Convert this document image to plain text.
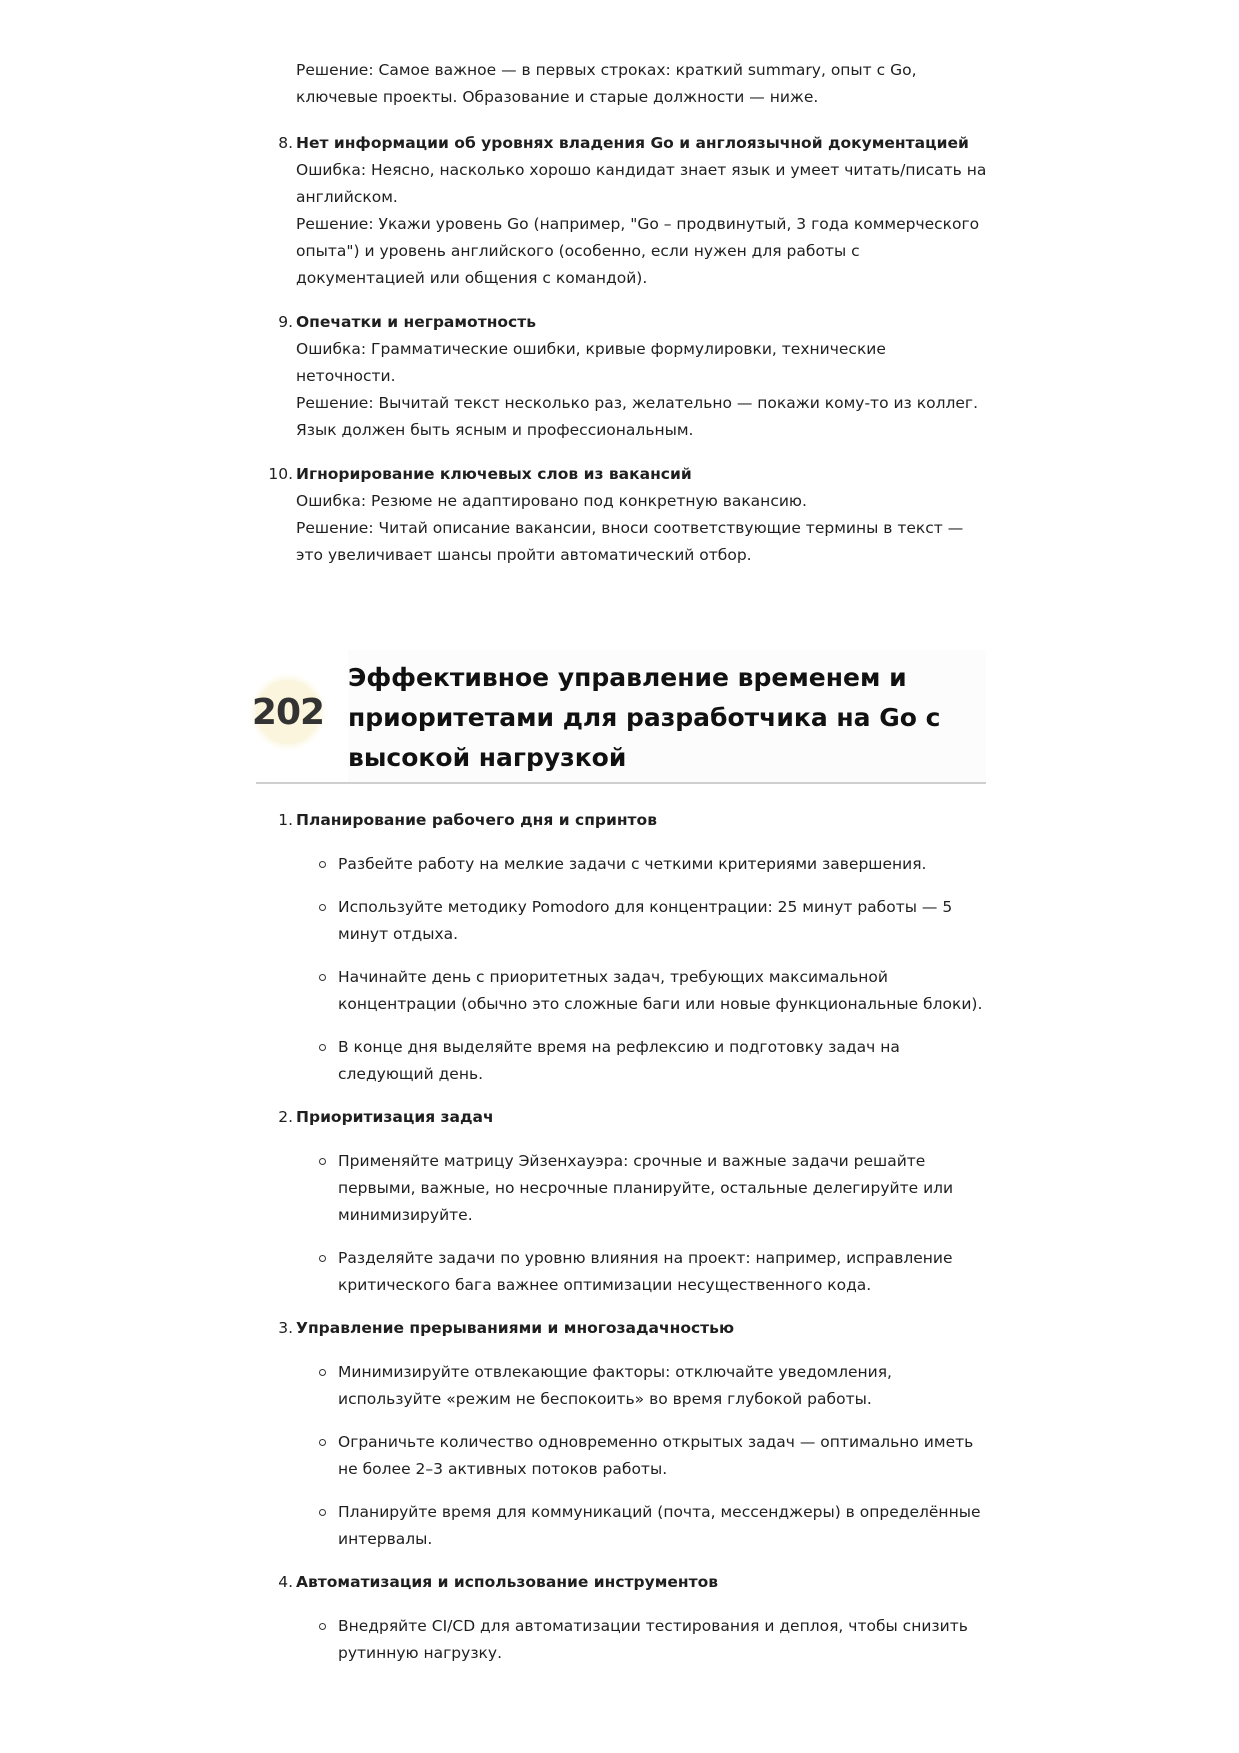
Решение: Самое важное — в первых строках: краткий summary, опыт с Go, ключевые проекты. Образование и старые должности — ниже.

8. Нет информации об уровнях владения Go и англоязычной документацией

Ошибка: Неясно, насколько хорошо кандидат знает язык и умеет читать/писать на английском.

Решение: Укажи уровень Go (например, "Go – продвинутый, 3 года коммерческого опыта") и уровень английского (особенно, если нужен для работы с документацией или общения с командой).

9. Опечатки и неграмотность

Ошибка: Грамматические ошибки, кривые формулировки, технические неточности.

Решение: Вычитай текст несколько раз, желательно — покажи кому-то из коллег. Язык должен быть ясным и профессиональным.

10. Игнорирование ключевых слов из вакансий

Ошибка: Резюме не адаптировано под конкретную вакансию.

Решение: Читай описание вакансии, вноси соответствующие термины в текст — это увеличивает шансы пройти автоматический отбор.

202
Эффективное управление временем и приоритетами для разработчика на Go с высокой нагрузкой
1. Планирование рабочего дня и спринтов

Разбейте работу на мелкие задачи с четкими критериями завершения.
Используйте методику Pomodoro для концентрации: 25 минут работы — 5 минут отдыха.
Начинайте день с приоритетных задач, требующих максимальной концентрации (обычно это сложные баги или новые функциональные блоки).
В конце дня выделяйте время на рефлексию и подготовку задач на следующий день.
2. Приоритизация задач

Применяйте матрицу Эйзенхауэра: срочные и важные задачи решайте первыми, важные, но несрочные планируйте, остальные делегируйте или минимизируйте.
Разделяйте задачи по уровню влияния на проект: например, исправление критического бага важнее оптимизации несущественного кода.
3. Управление прерываниями и многозадачностью

Минимизируйте отвлекающие факторы: отключайте уведомления, используйте «режим не беспокоить» во время глубокой работы.
Ограничьте количество одновременно открытых задач — оптимально иметь не более 2–3 активных потоков работы.
Планируйте время для коммуникаций (почта, мессенджеры) в определённые интервалы.
4. Автоматизация и использование инструментов

Внедряйте CI/CD для автоматизации тестирования и деплоя, чтобы снизить рутинную нагрузку.
